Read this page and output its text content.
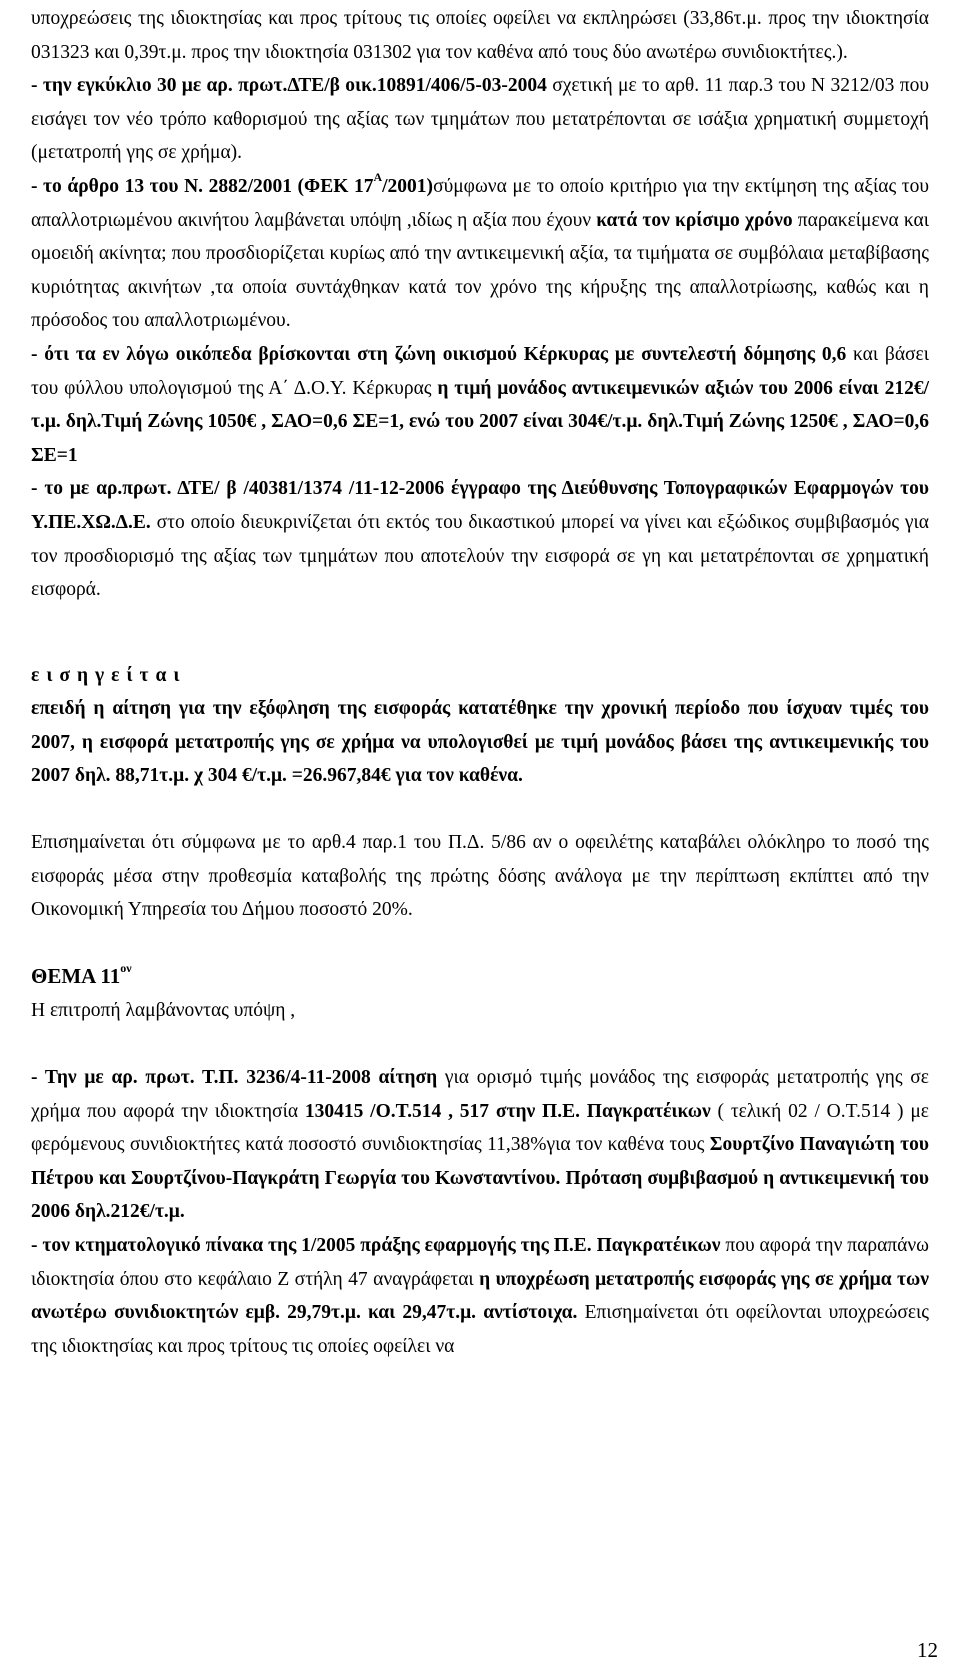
υποχρεώσεις της ιδιοκτησίας και προς τρίτους τις οποίες οφείλει να εκπληρώσει (33,86τ.μ. προς την ιδιοκτησία 031323 και 0,39τ.μ. προς την ιδιοκτησία 031302 για τον καθένα από τους δύο ανωτέρω συνιδιοκτήτες.).

- την εγκύκλιο 30 με αρ. πρωτ.ΔΤΕ/β οικ.10891/406/5-03-2004 σχετική με το αρθ. 11 παρ.3 του Ν 3212/03 που εισάγει τον νέο τρόπο καθορισμού της αξίας των τμημάτων που μετατρέπονται σε ισάξια χρηματική συμμετοχή (μετατροπή γης σε χρήμα).

- το άρθρο 13 του Ν. 2882/2001 (ΦΕΚ $17^A/2001)\sigma ύ\mu\varphi\omega\nu\alpha$ με το οποίο κριτήριο για την εκτίμηση της αξίας του απαλλοτριωμένου ακινήτου λαμβάνεται υπόψη ,ιδίως η αξία που έχουν κατά τον κρίσιμο χρόνο παρακείμενα και ομοειδή ακίνητα; που προσδιορίζεται κυρίως από την αντικειμενική αξία, τα τιμήματα σε συμβόλαια μεταβίβασης κυριότητας ακινήτων ,τα οποία συντάχθηκαν κατά τον χρόνο της κήρυξης της απαλλοτρίωσης, καθώς και η πρόσοδος του απαλλοτριωμένου.

- ότι τα εν λόγω οικόπεδα βρίσκονται στη ζώνη οικισμού Κέρκυρας με συντελεστή δόμησης 0,6 και βάσει του φύλλου υπολογισμού της Α΄ Δ.Ο.Υ. Κέρκυρας η τιμή μονάδος αντικειμενικών αξιών του 2006 είναι 212€/τ.μ. δηλ.Τιμή Ζώνης 1050€ , ΣΑΟ=0,6 ΣΕ=1, ενώ του 2007 είναι 304€/τ.μ. δηλ.Τιμή Ζώνης 1250€ , ΣΑΟ=0,6 ΣΕ=1

- το με αρ.πρωτ. ΔΤΕ/ β /40381/1374 /11-12-2006 έγγραφο της Διεύθυνσης Τοπογραφικών Εφαρμογών του Υ.ΠΕ.ΧΩ.Δ.Ε. στο οποίο διευκρινίζεται ότι εκτός του δικαστικού μπορεί να γίνει και εξώδικος συμβιβασμός για τον προσδιορισμό της αξίας των τμημάτων που αποτελούν την εισφορά σε γη και μετατρέπονται σε χρηματική εισφορά.

εισηγείται

επειδή η αίτηση για την εξόφληση της εισφοράς κατατέθηκε την χρονική περίοδο που ίσχυαν τιμές του 2007, η εισφορά μετατροπής γης σε χρήμα να υπολογισθεί με τιμή μονάδος βάσει της αντικειμενικής του 2007 δηλ. 88,71τ.μ. χ 304 €/τ.μ. =26.967,84€ για τον καθένα.

Επισημαίνεται ότι σύμφωνα με το αρθ.4 παρ.1 του Π.Δ. 5/86 αν ο οφειλέτης καταβάλει ολόκληρο το ποσό της εισφοράς μέσα στην προθεσμία καταβολής της πρώτης δόσης ανάλογα με την περίπτωση εκπίπτει από την Οικονομική Υπηρεσία του Δήμου ποσοστό 20%.

ΘΕΜΑ $11^{o\nu}$

Η επιτροπή λαμβάνοντας υπόψη ,

- Την με αρ. πρωτ. Τ.Π. 3236/4-11-2008 αίτηση για ορισμό τιμής μονάδος της εισφοράς μετατροπής γης σε χρήμα που αφορά την ιδιοκτησία 130415 /Ο.Τ.514 , 517 στην Π.Ε. Παγκρατέικων ( τελική 02 / Ο.Τ.514 ) με φερόμενους συνιδιοκτήτες κατά ποσοστό συνιδιοκτησίας 11,38%για τον καθένα τους Σουρτζίνο Παναγιώτη του Πέτρου και Σουρτζίνου-Παγκράτη Γεωργία του Κωνσταντίνου. Πρόταση συμβιβασμού η αντικειμενική του 2006 δηλ.212€/τ.μ.

- τον κτηματολογικό πίνακα της 1/2005 πράξης εφαρμογής της Π.Ε. Παγκρατέικων που αφορά την παραπάνω ιδιοκτησία όπου στο κεφάλαιο Ζ στήλη 47 αναγράφεται η υποχρέωση μετατροπής εισφοράς γης σε χρήμα των ανωτέρω συνιδιοκτητών εμβ. 29,79τ.μ. και 29,47τ.μ. αντίστοιχα. Επισημαίνεται ότι οφείλονται υποχρεώσεις της ιδιοκτησίας και προς τρίτους τις οποίες οφείλει να

12
